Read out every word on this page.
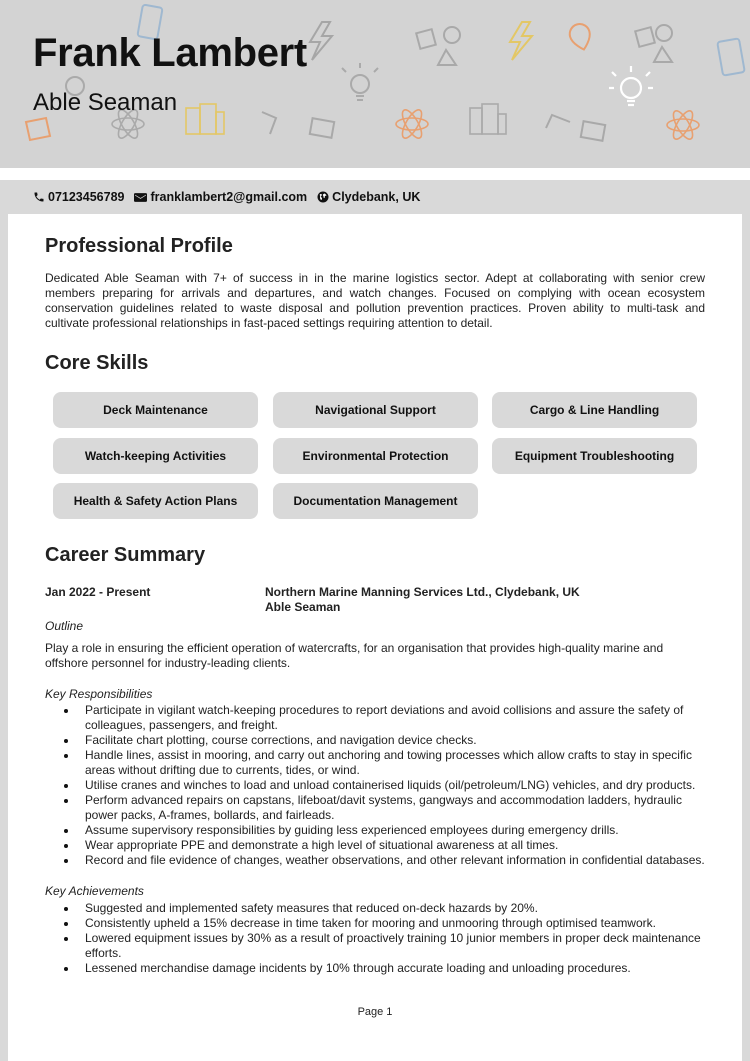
Frank Lambert
Able Seaman
07123456789 franklambert2@gmail.com Clydebank, UK
Professional Profile

Dedicated Able Seaman with 7+ of success in in the marine logistics sector. Adept at collaborating with senior crew members preparing for arrivals and departures, and watch changes. Focused on complying with ocean ecosystem conservation guidelines related to waste disposal and pollution prevention practices. Proven ability to multi-task and cultivate professional relationships in fast-paced settings requiring attention to detail.

Core Skills
Deck Maintenance	Navigational Support	Cargo & Line Handling
Watch-keeping Activities	Environmental Protection	Equipment Troubleshooting
Health & Safety Action Plans	Documentation Management
Career Summary
Jan 2022 - Present	Northern Marine Manning Services Ltd., Clydebank, UK
Able Seaman
Outline

Play a role in ensuring the efficient operation of watercrafts, for an organisation that provides high-quality marine and offshore personnel for industry-leading clients.

Key Responsibilities
Participate in vigilant watch-keeping procedures to report deviations and avoid collisions and assure the safety of colleagues, passengers, and freight.
Facilitate chart plotting, course corrections, and navigation device checks.
Handle lines, assist in mooring, and carry out anchoring and towing processes which allow crafts to stay in specific areas without drifting due to currents, tides, or wind.
Utilise cranes and winches to load and unload containerised liquids (oil/petroleum/LNG) vehicles, and dry products.
Perform advanced repairs on capstans, lifeboat/davit systems, gangways and accommodation ladders, hydraulic power packs, A-frames, bollards, and fairleads.
Assume supervisory responsibilities by guiding less experienced employees during emergency drills.
Wear appropriate PPE and demonstrate a high level of situational awareness at all times.
Record and file evidence of changes, weather observations, and other relevant information in confidential databases.
Key Achievements
Suggested and implemented safety measures that reduced on-deck hazards by 20%.
Consistently upheld a 15% decrease in time taken for mooring and unmooring through optimised teamwork.
Lowered equipment issues by 30% as a result of proactively training 10 junior members in proper deck maintenance efforts.
Lessened merchandise damage incidents by 10% through accurate loading and unloading procedures.
Page 1
